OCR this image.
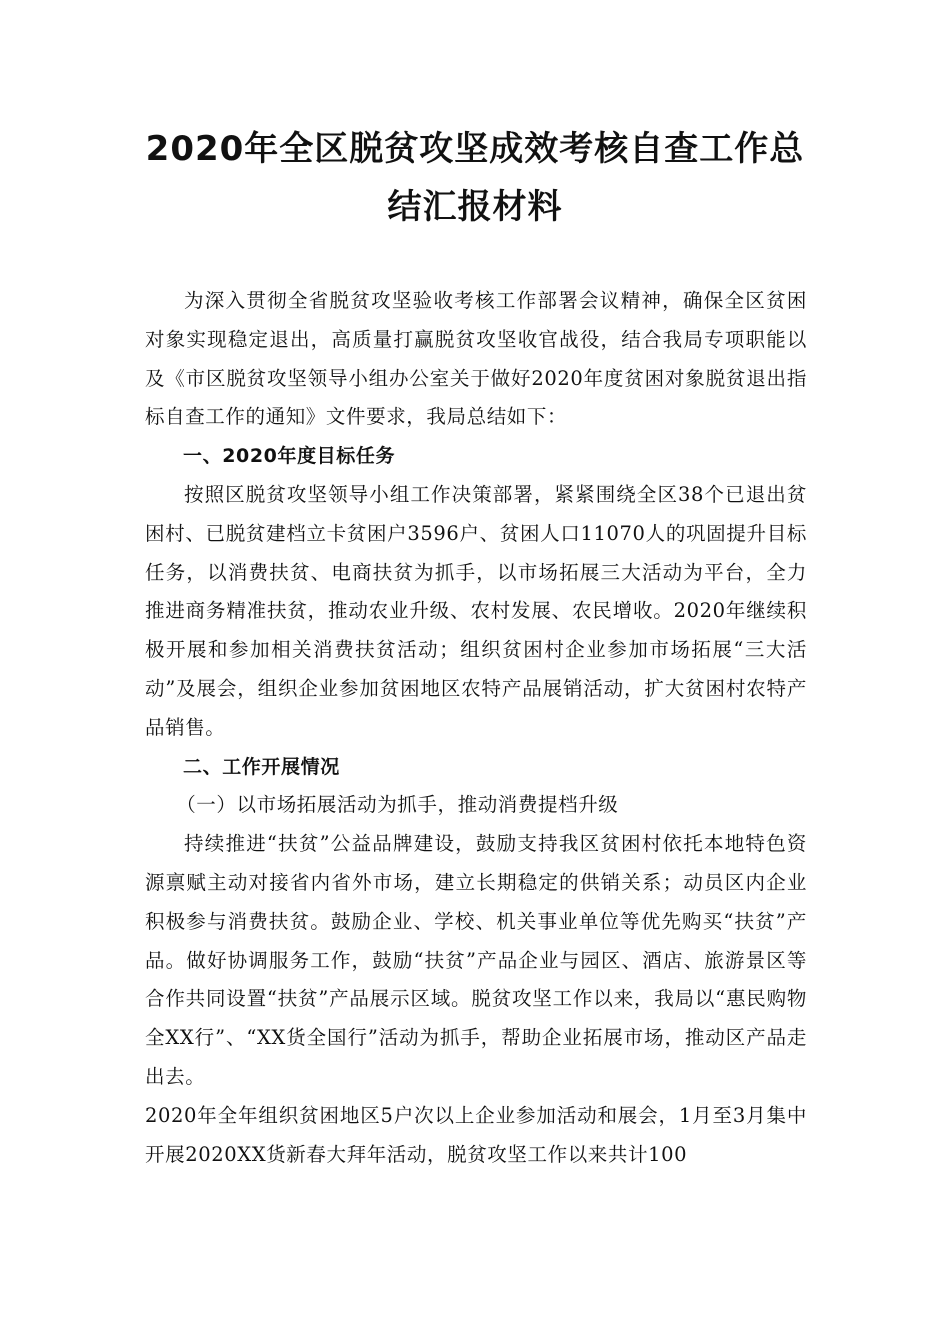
2020年全区脱贫攻坚成效考核自查工作总
结汇报材料

为深入贯彻全省脱贫攻坚验收考核工作部署会议精神，确保全区贫困对象实现稳定退出，高质量打赢脱贫攻坚收官战役，结合我局专项职能以及《市区脱贫攻坚领导小组办公室关于做好2020年度贫困对象脱贫退出指标自查工作的通知》文件要求，我局总结如下：

一、2020年度目标任务

按照区脱贫攻坚领导小组工作决策部署，紧紧围绕全区38个已退出贫困村、已脱贫建档立卡贫困户3596户、贫困人口11070人的巩固提升目标任务，以消费扶贫、电商扶贫为抓手，以市场拓展三大活动为平台，全力推进商务精准扶贫，推动农业升级、农村发展、农民增收。2020年继续积极开展和参加相关消费扶贫活动；组织贫困村企业参加市场拓展“三大活动”及展会，组织企业参加贫困地区农特产品展销活动，扩大贫困村农特产品销售。

二、工作开展情况

（一）以市场拓展活动为抓手，推动消费提档升级

持续推进“扶贫”公益品牌建设，鼓励支持我区贫困村依托本地特色资源禀赋主动对接省内省外市场，建立长期稳定的供销关系；动员区内企业积极参与消费扶贫。鼓励企业、学校、机关事业单位等优先购买“扶贫”产品。做好协调服务工作，鼓励“扶贫”产品企业与园区、酒店、旅游景区等合作共同设置“扶贫”产品展示区域。脱贫攻坚工作以来，我局以“惠民购物全XX行”、“XX货全国行”活动为抓手，帮助企业拓展市场，推动区产品走出去。

2020年全年组织贫困地区5户次以上企业参加活动和展会，1月至3月集中开展2020XX货新春大拜年活动，脱贫攻坚工作以来共计100
